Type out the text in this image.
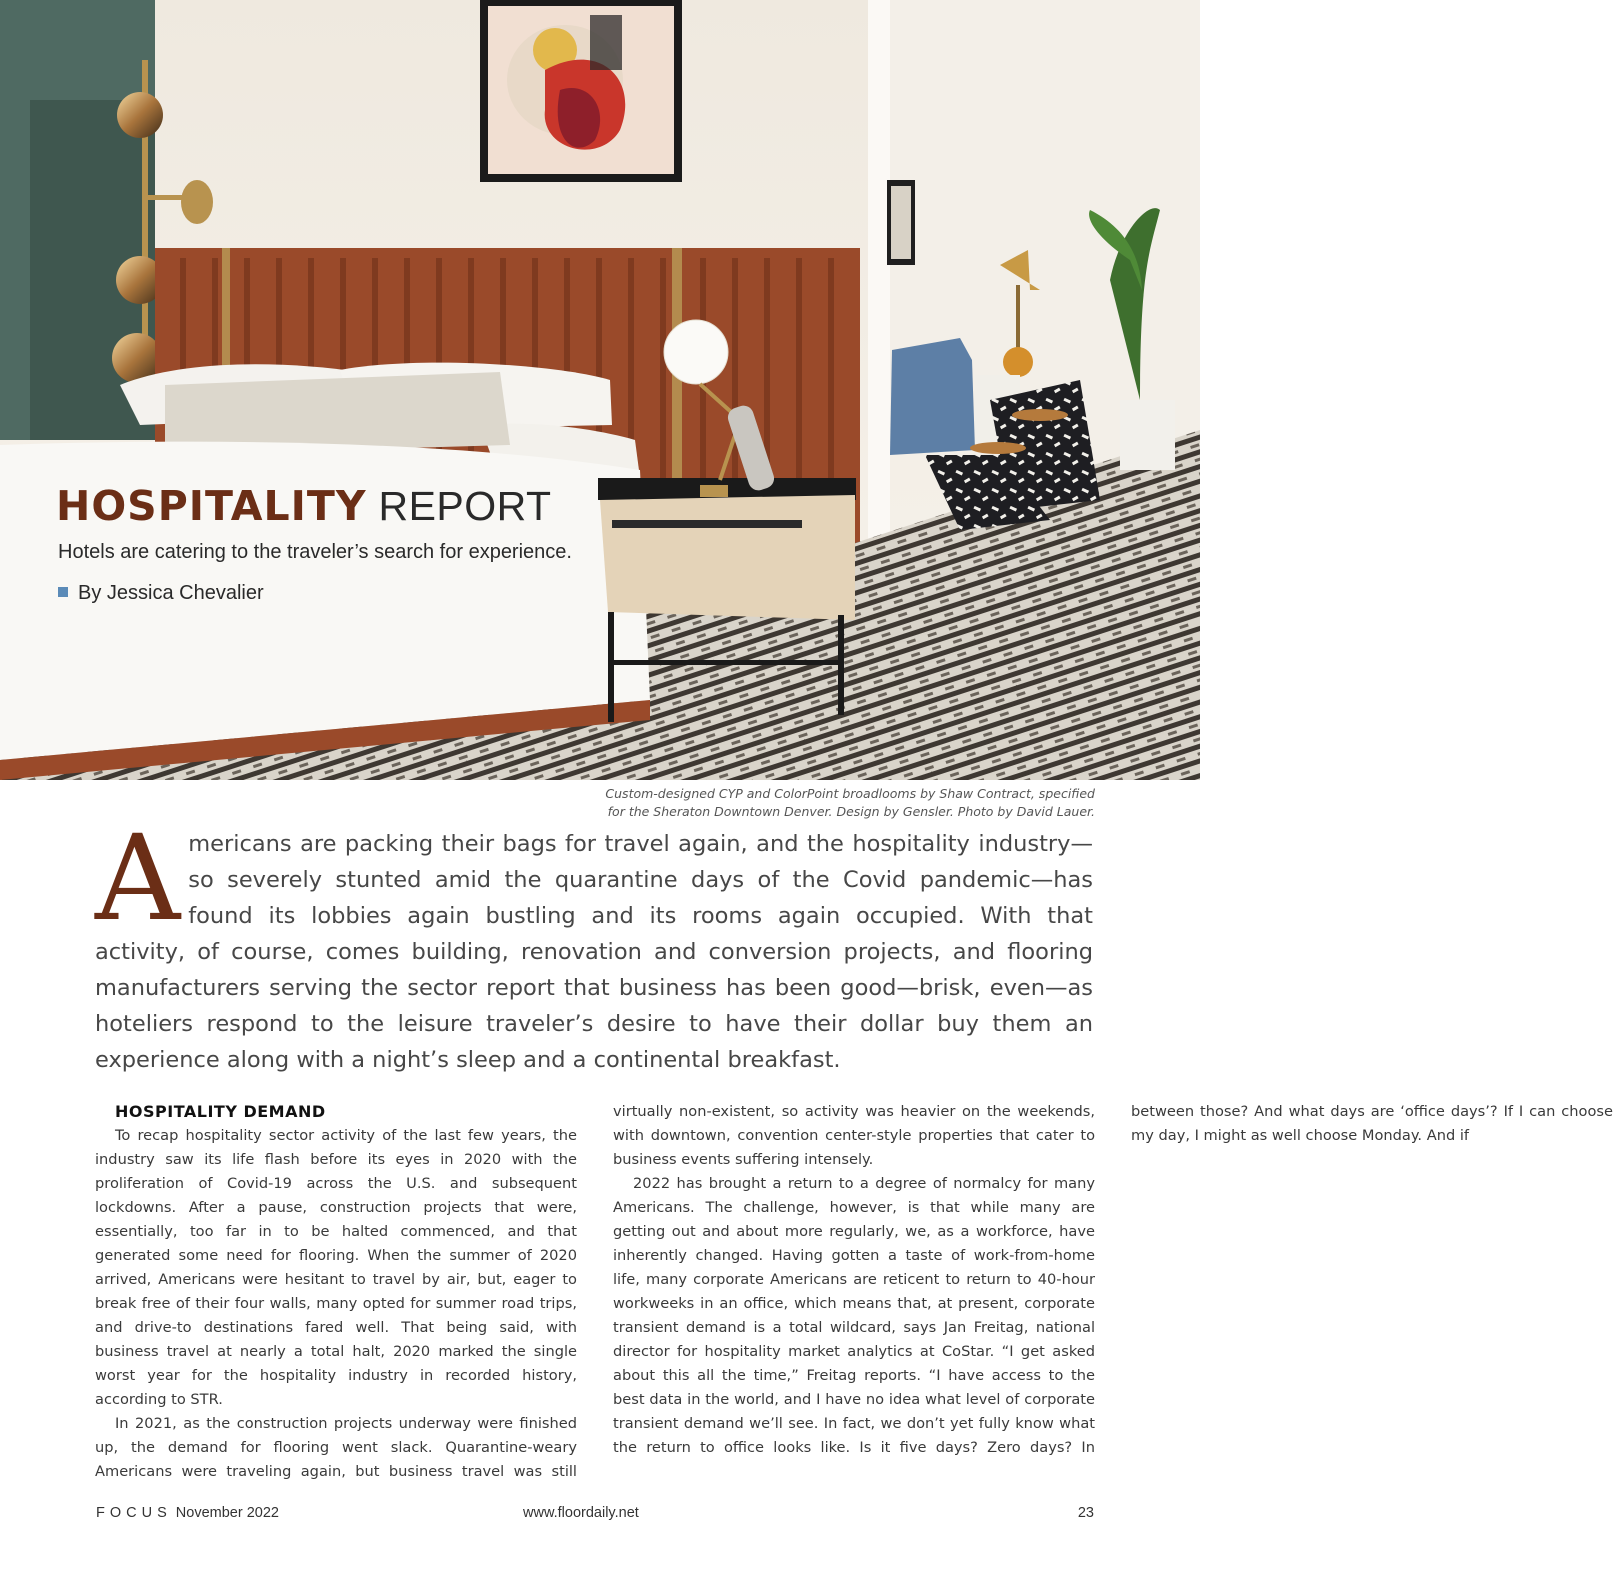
HOSPITALITY REPORT

Hotels are catering to the traveler’s search for experience.

By Jessica Chevalier

Custom-designed CYP and ColorPoint broadlooms by Shaw Contract, specified
for the Sheraton Downtown Denver. Design by Gensler. Photo by David Lauer.

Americans are packing their bags for travel again, and the hospitality industry—so severely stunted amid the quarantine days of the Covid pandemic—has found its lobbies again bustling and its rooms again occupied. With that activity, of course, comes building, renovation and conversion projects, and flooring manufacturers serving the sector report that business has been good—brisk, even—as hoteliers respond to the leisure traveler’s desire to have their dollar buy them an experience along with a night’s sleep and a continental breakfast.

HOSPITALITY DEMAND

To recap hospitality sector activity of the last few years, the industry saw its life flash before its eyes in 2020 with the proliferation of Covid-19 across the U.S. and subsequent lockdowns. After a pause, construction projects that were, essentially, too far in to be halted commenced, and that generated some need for flooring. When the summer of 2020 arrived, Americans were hesitant to travel by air, but, eager to break free of their four walls, many opted for summer road trips, and drive-to destinations fared well. That being said, with business travel at nearly a total halt, 2020 marked the single worst year for the hospitality industry in recorded history, according to STR.

In 2021, as the construction projects underway were finished up, the demand for flooring went slack. Quarantine-weary Americans were traveling again, but business travel was still virtually non-existent, so activity was heavier on the weekends, with downtown, convention center-style properties that cater to business events suffering intensely.

2022 has brought a return to a degree of normalcy for many Americans. The challenge, however, is that while many are getting out and about more regularly, we, as a workforce, have inherently changed. Having gotten a taste of work-from-home life, many corporate Americans are reticent to return to 40-hour workweeks in an office, which means that, at present, corporate transient demand is a total wildcard, says Jan Freitag, national director for hospitality market analytics at CoStar. “I get asked about this all the time,” Freitag reports. “I have access to the best data in the world, and I have no idea what level of corporate transient demand we’ll see. In fact, we don’t yet fully know what the return to office looks like. Is it five days? Zero days? In between those? And what days are ‘office days’? If I can choose my day, I might as well choose Monday. And if

FOCUS November 2022	www.floordaily.net	23
